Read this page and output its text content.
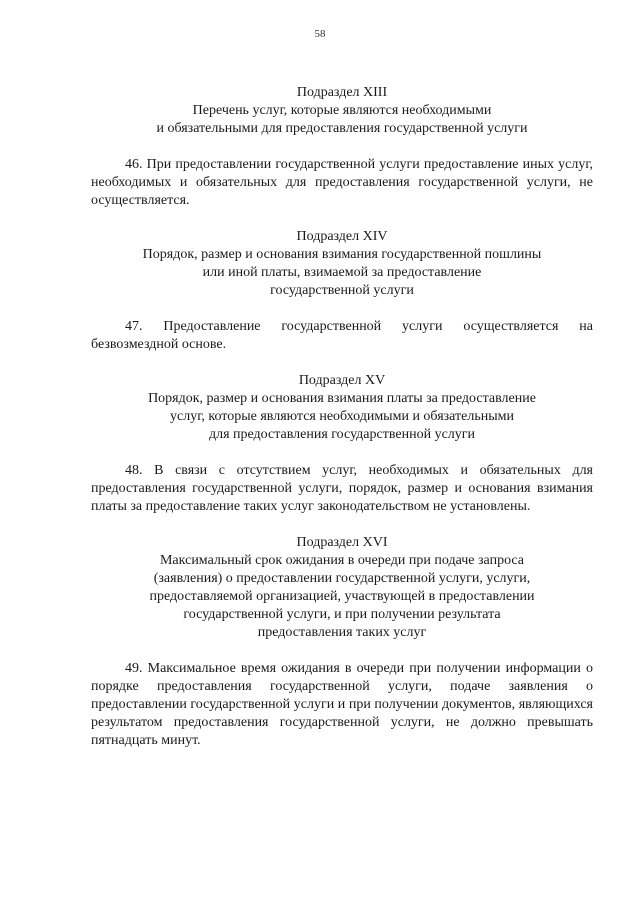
58
Подраздел XIII
Перечень услуг, которые являются необходимыми
и обязательными для предоставления государственной услуги

46. При предоставлении государственной услуги предоставление иных услуг, необходимых и обязательных для предоставления государственной услуги, не осуществляется.

Подраздел XIV
Порядок, размер и основания взимания государственной пошлины
или иной платы, взимаемой за предоставление
государственной услуги

47. Предоставление государственной услуги осуществляется на безвозмездной основе.

Подраздел XV
Порядок, размер и основания взимания платы за предоставление
услуг, которые являются необходимыми и обязательными
для предоставления государственной услуги

48. В связи с отсутствием услуг, необходимых и обязательных для предоставления государственной услуги, порядок, размер и основания взимания платы за предоставление таких услуг законодательством не установлены.

Подраздел XVI
Максимальный срок ожидания в очереди при подаче запроса
(заявления) о предоставлении государственной услуги, услуги,
предоставляемой организацией, участвующей в предоставлении
государственной услуги, и при получении результата
предоставления таких услуг

49. Максимальное время ожидания в очереди при получении информации о порядке предоставления государственной услуги, подаче заявления о предоставлении государственной услуги и при получении документов, являющихся результатом предоставления государственной услуги, не должно превышать пятнадцать минут.
